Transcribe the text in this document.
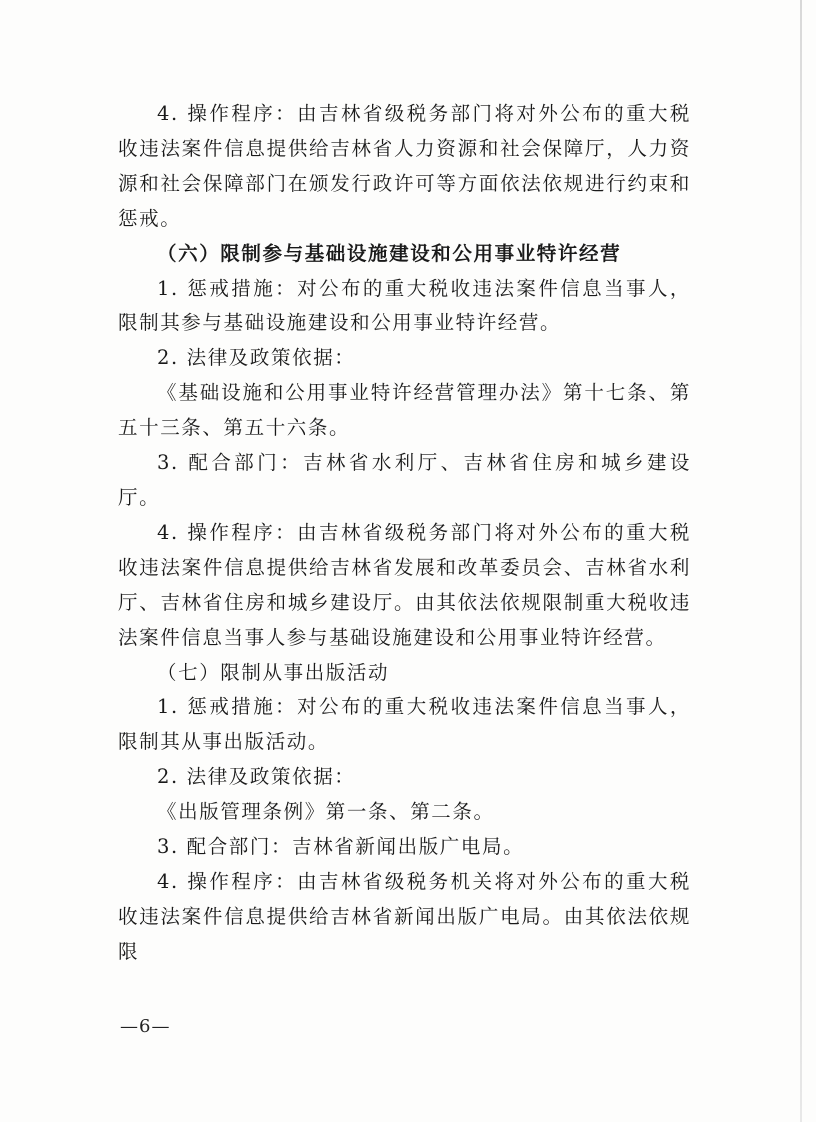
4. 操作程序：由吉林省级税务部门将对外公布的重大税收违法案件信息提供给吉林省人力资源和社会保障厅，人力资源和社会保障部门在颁发行政许可等方面依法依规进行约束和惩戒。

（六）限制参与基础设施建设和公用事业特许经营

1. 惩戒措施：对公布的重大税收违法案件信息当事人，限制其参与基础设施建设和公用事业特许经营。

2. 法律及政策依据：

《基础设施和公用事业特许经营管理办法》第十七条、第五十三条、第五十六条。

3. 配合部门：吉林省水利厅、吉林省住房和城乡建设厅。

4. 操作程序：由吉林省级税务部门将对外公布的重大税收违法案件信息提供给吉林省发展和改革委员会、吉林省水利厅、吉林省住房和城乡建设厅。由其依法依规限制重大税收违法案件信息当事人参与基础设施建设和公用事业特许经营。

（七）限制从事出版活动

1. 惩戒措施：对公布的重大税收违法案件信息当事人，限制其从事出版活动。

2. 法律及政策依据：

《出版管理条例》第一条、第二条。

3. 配合部门：吉林省新闻出版广电局。

4. 操作程序：由吉林省级税务机关将对外公布的重大税收违法案件信息提供给吉林省新闻出版广电局。由其依法依规限

—6—
